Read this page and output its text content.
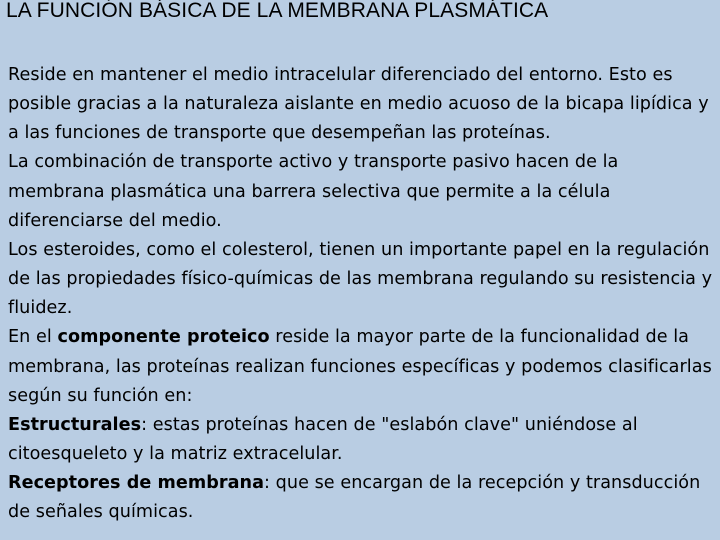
LA FUNCIÓN BÁSICA DE LA MEMBRANA PLASMÁTICA

Reside en mantener el medio intracelular diferenciado del entorno. Esto es posible gracias a la naturaleza aislante en medio acuoso de la bicapa lipídica y a las funciones de transporte que desempeñan las proteínas.

La combinación de transporte activo y transporte pasivo hacen de la membrana plasmática una barrera selectiva que permite a la célula diferenciarse del medio.

Los esteroides, como el colesterol, tienen un importante papel en la regulación de las propiedades físico-químicas de las membrana regulando su resistencia y fluidez.

En el componente proteico reside la mayor parte de la funcionalidad de la membrana, las proteínas realizan funciones específicas y podemos clasificarlas según su función en:

Estructurales: estas proteínas hacen de "eslabón clave" uniéndose al citoesqueleto y la matriz extracelular.

Receptores de membrana: que se encargan de la recepción y transducción de señales químicas.
